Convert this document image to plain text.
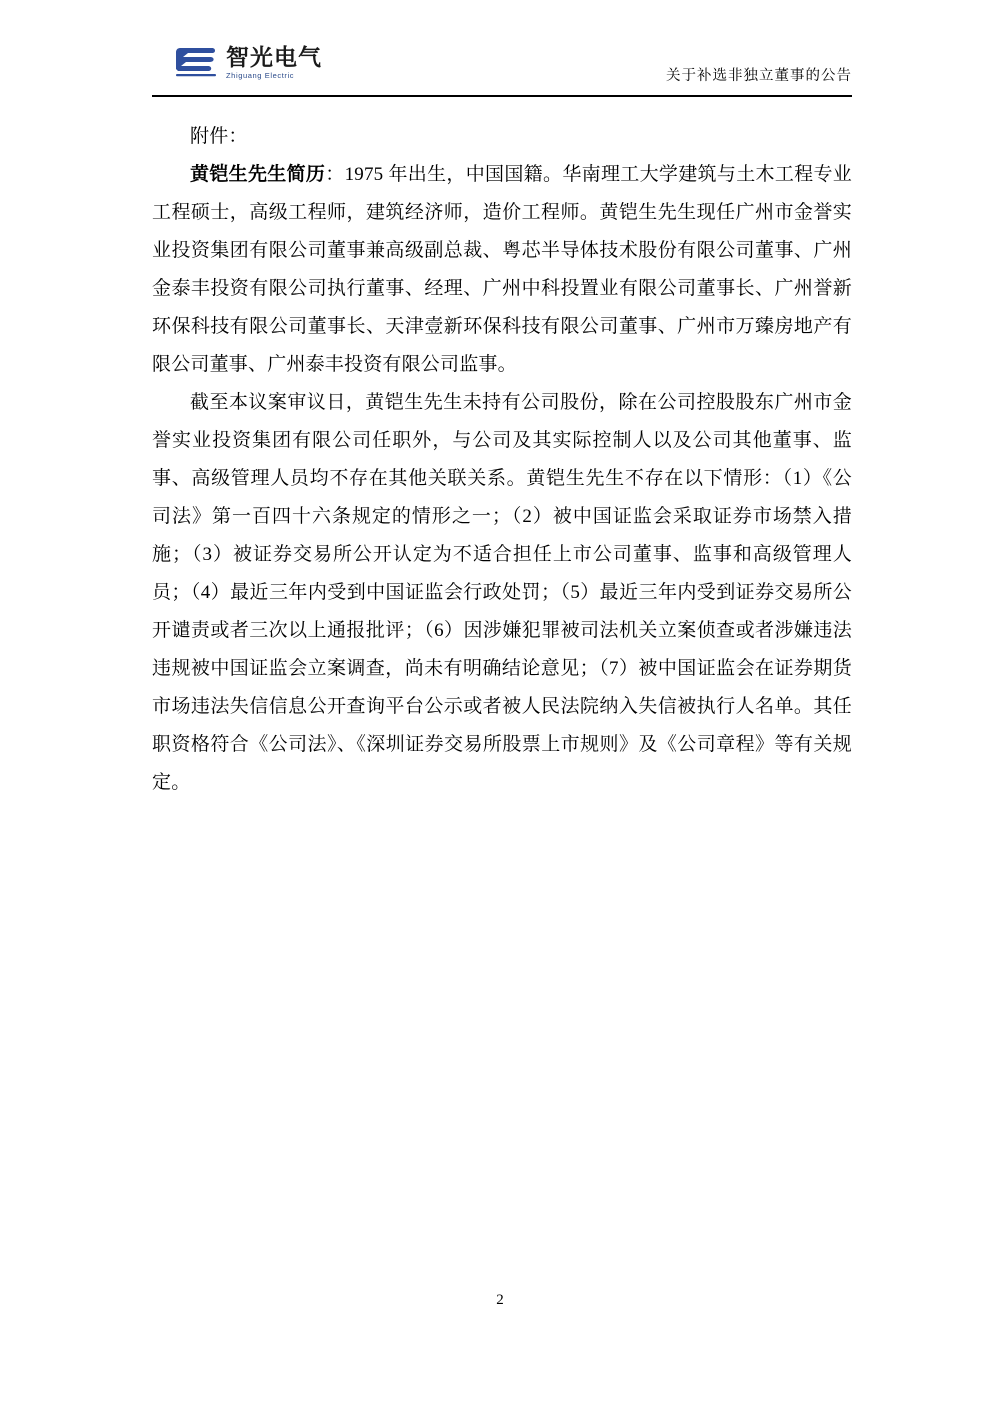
智光电气
Zhiguang Electric	关于补选非独立董事的公告

附件：

黄铠生先生简历：1975 年出生，中国国籍。华南理工大学建筑与土木工程专业工程硕士，高级工程师，建筑经济师，造价工程师。黄铠生先生现任广州市金誉实业投资集团有限公司董事兼高级副总裁、粤芯半导体技术股份有限公司董事、广州金泰丰投资有限公司执行董事、经理、广州中科投置业有限公司董事长、广州誉新环保科技有限公司董事长、天津壹新环保科技有限公司董事、广州市万臻房地产有限公司董事、广州泰丰投资有限公司监事。

截至本议案审议日，黄铠生先生未持有公司股份，除在公司控股股东广州市金誉实业投资集团有限公司任职外，与公司及其实际控制人以及公司其他董事、监事、高级管理人员均不存在其他关联关系。黄铠生先生不存在以下情形：（1）《公司法》第一百四十六条规定的情形之一；（2）被中国证监会采取证券市场禁入措施；（3）被证券交易所公开认定为不适合担任上市公司董事、监事和高级管理人员；（4）最近三年内受到中国证监会行政处罚；（5）最近三年内受到证券交易所公开谴责或者三次以上通报批评；（6）因涉嫌犯罪被司法机关立案侦查或者涉嫌违法违规被中国证监会立案调查，尚未有明确结论意见；（7）被中国证监会在证券期货市场违法失信信息公开查询平台公示或者被人民法院纳入失信被执行人名单。其任职资格符合《公司法》、《深圳证券交易所股票上市规则》及《公司章程》等有关规定。

2
